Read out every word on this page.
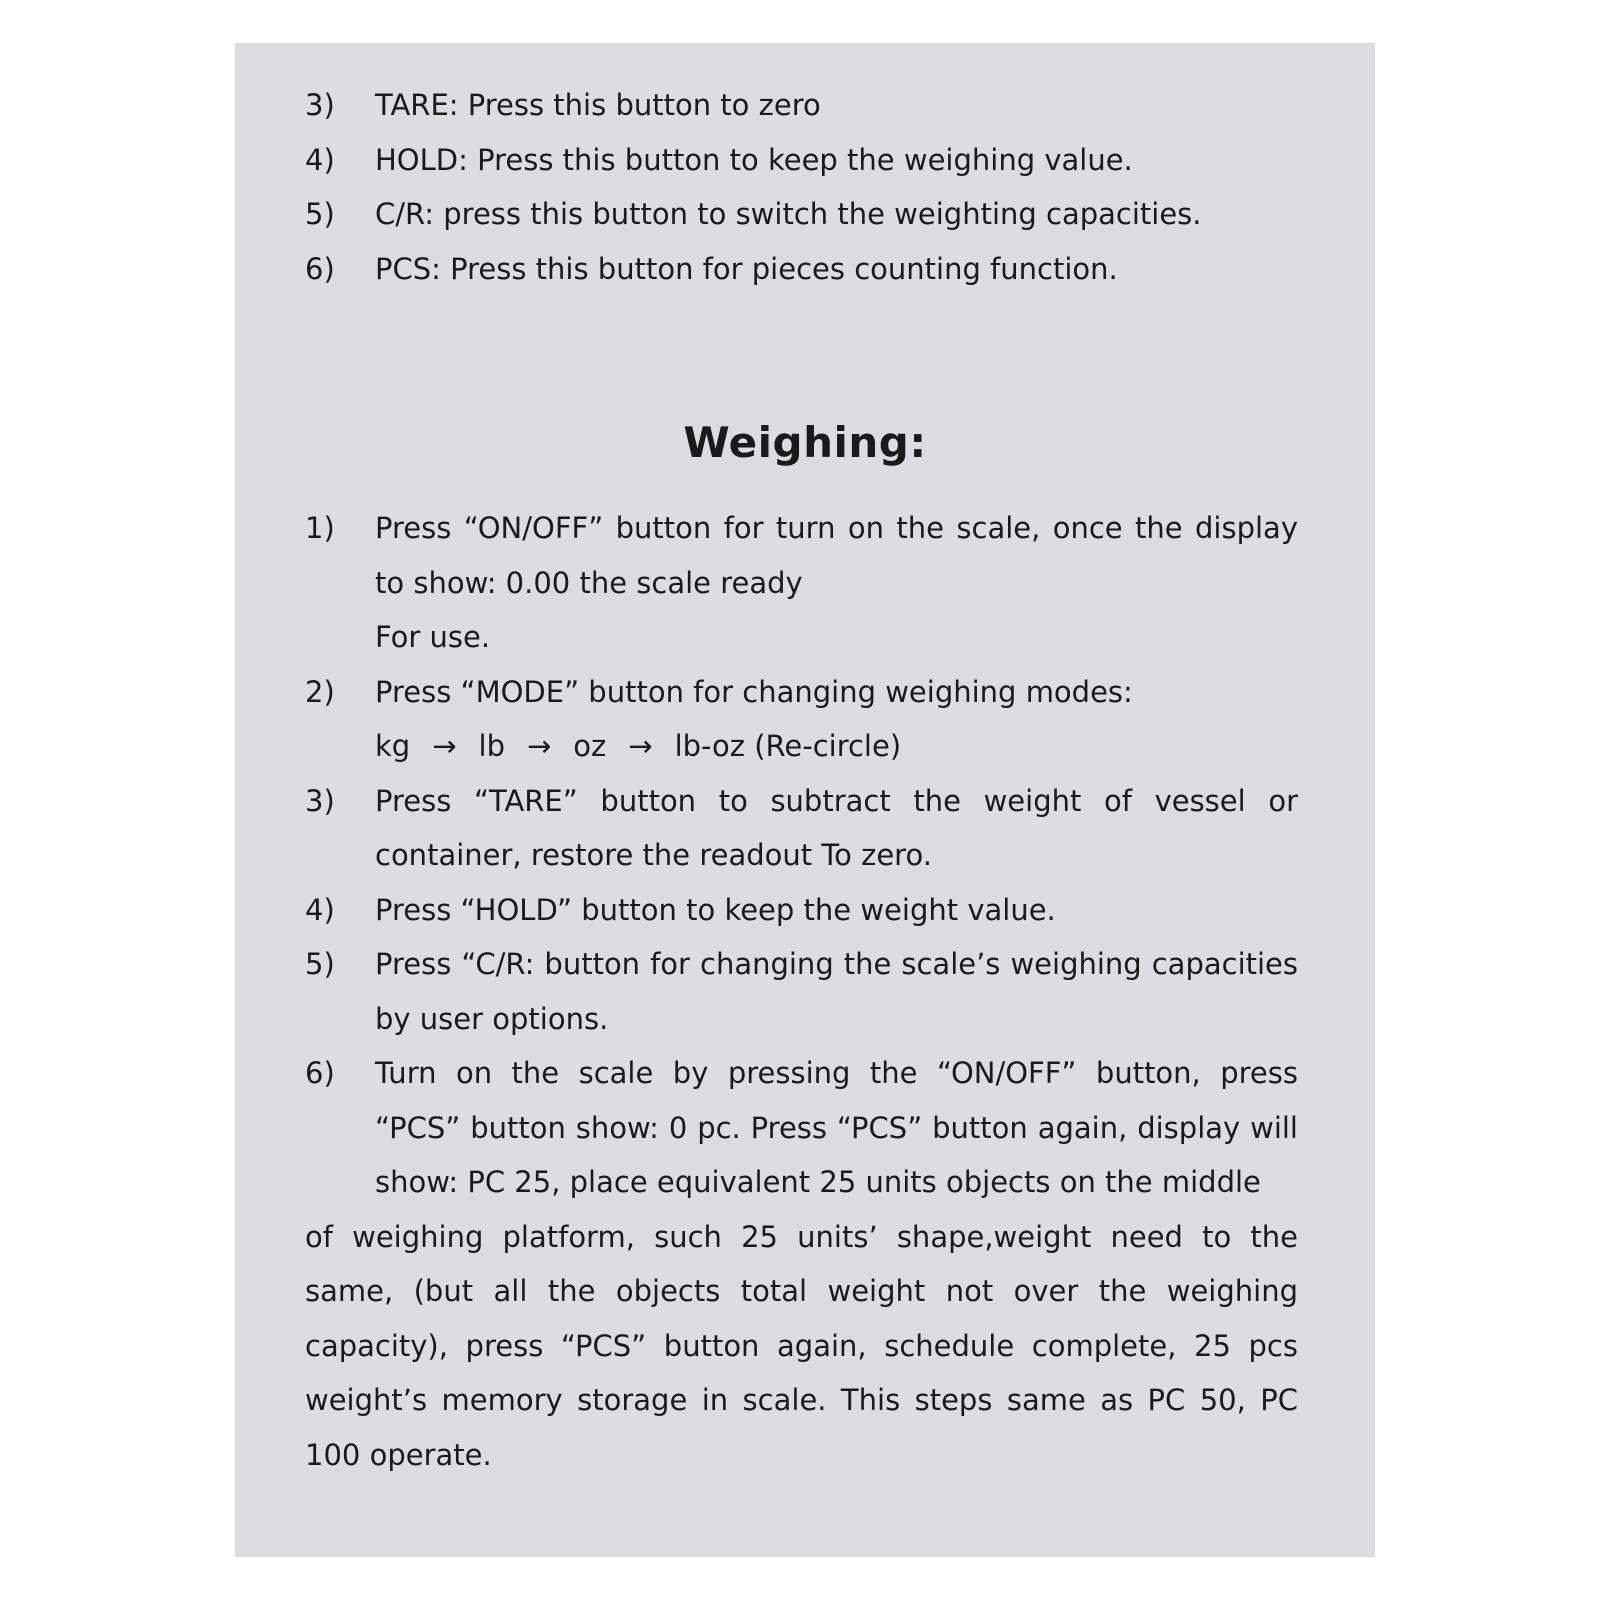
3)	TARE: Press this button to zero
4)	HOLD: Press this button to keep the weighing value.
5)	C/R: press this button to switch the weighting capacities.
6)	PCS: Press this button for pieces counting function.
Weighing:
1)	Press “ON/OFF” button for turn on the scale, once the display to show: 0.00 the scale ready
For use.
2)	Press “MODE” button for changing weighing modes:
kg → lb → oz → lb-oz (Re-circle)
3)	Press “TARE” button to subtract the weight of vessel or container, restore the readout To zero.
4)	Press “HOLD” button to keep the weight value.
5)	Press “C/R: button for changing the scale’s weighing capacities by user options.
6)	Turn on the scale by pressing the “ON/OFF” button, press “PCS” button show: 0 pc. Press “PCS” button again, display will show: PC 25, place equivalent 25 units objects on the middle
of weighing platform, such 25 units’ shape,weight need to the same, (but all the objects total weight not over the weighing capacity), press “PCS” button again, schedule complete, 25 pcs weight’s memory storage in scale. This steps same as PC 50, PC 100 operate.
